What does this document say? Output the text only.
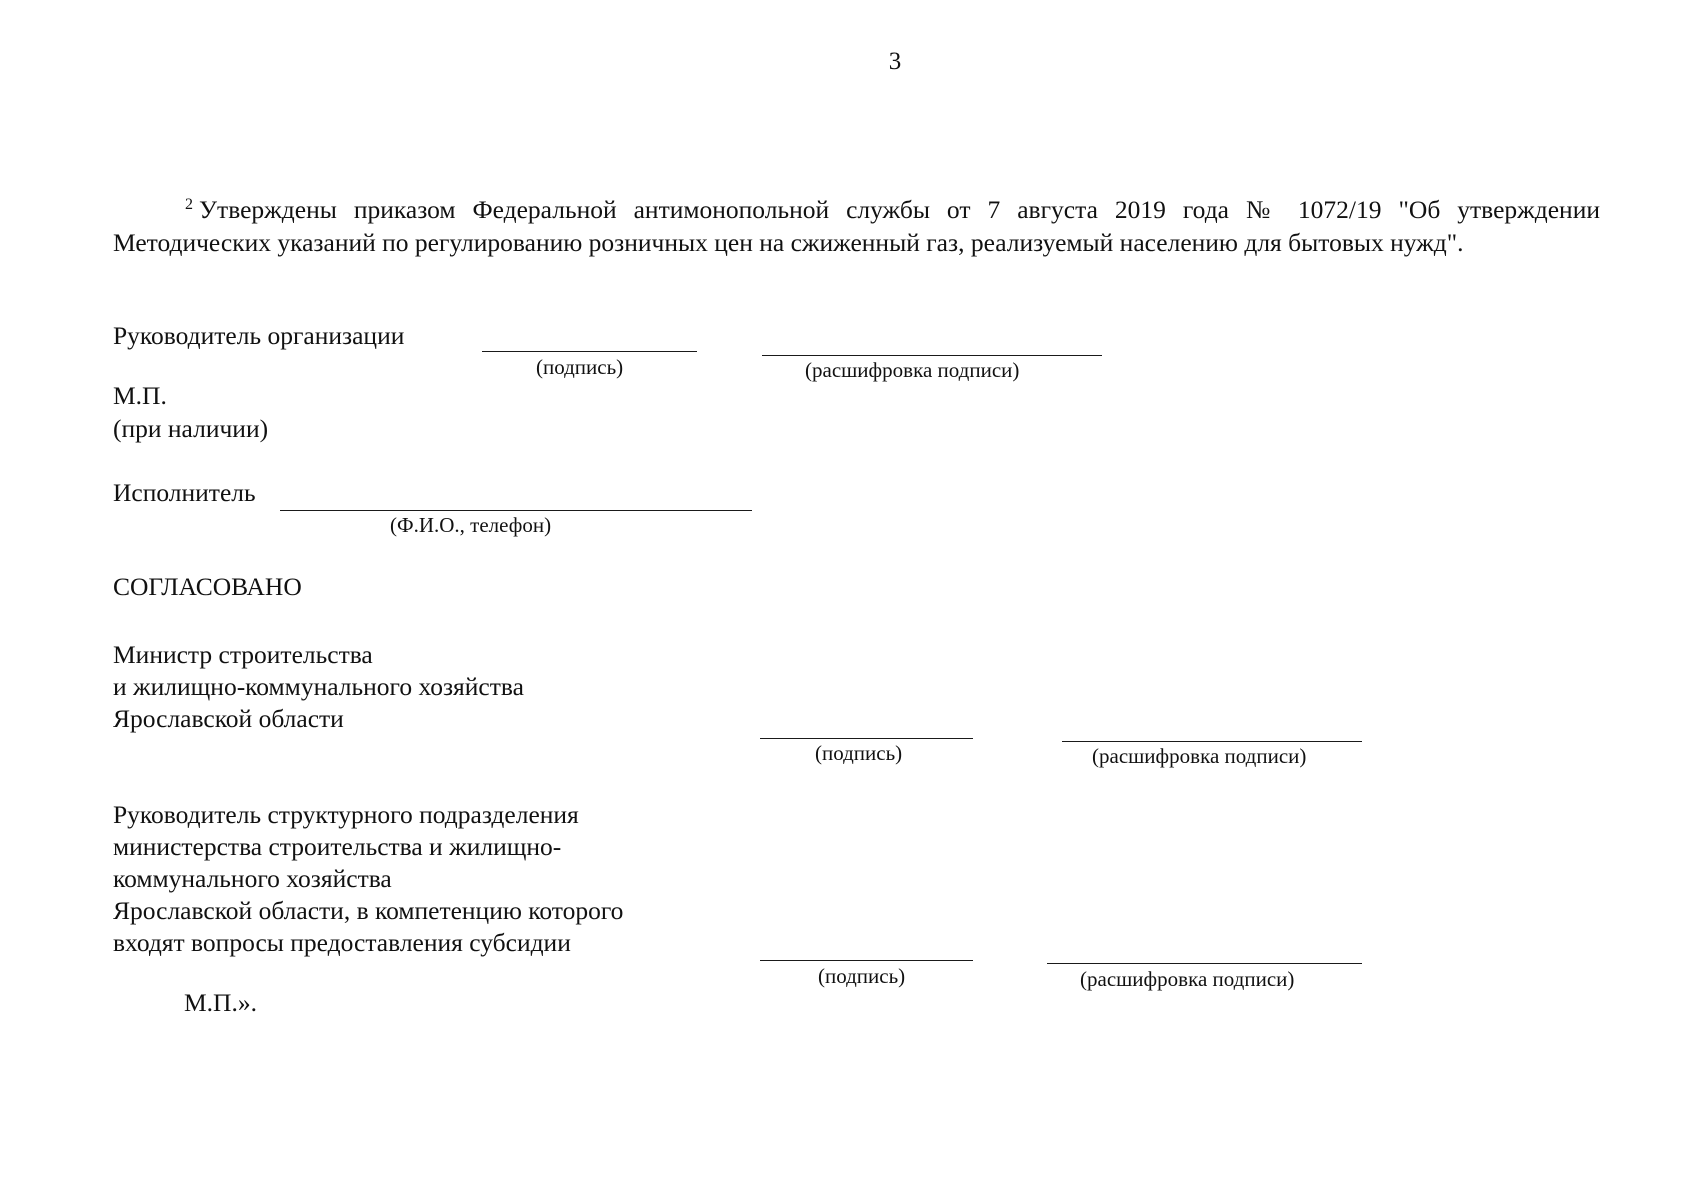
3
$^2$ Утверждены приказом Федеральной антимонопольной службы от 7 августа 2019 года № 1072/19 "Об утверждении Методических указаний по регулированию розничных цен на сжиженный газ, реализуемый населению для бытовых нужд".
Руководитель организации
(подпись)	(расшифровка подписи)
М.П.
(при наличии)
Исполнитель
(Ф.И.О., телефон)
СОГЛАСОВАНО
Министр строительства
и жилищно-коммунального хозяйства
Ярославской области
(подпись)	(расшифровка подписи)
Руководитель структурного подразделения
министерства строительства и жилищно-
коммунального хозяйства
Ярославской области, в компетенцию которого
входят вопросы предоставления субсидии
(подпись)	(расшифровка подписи)
М.П.».
